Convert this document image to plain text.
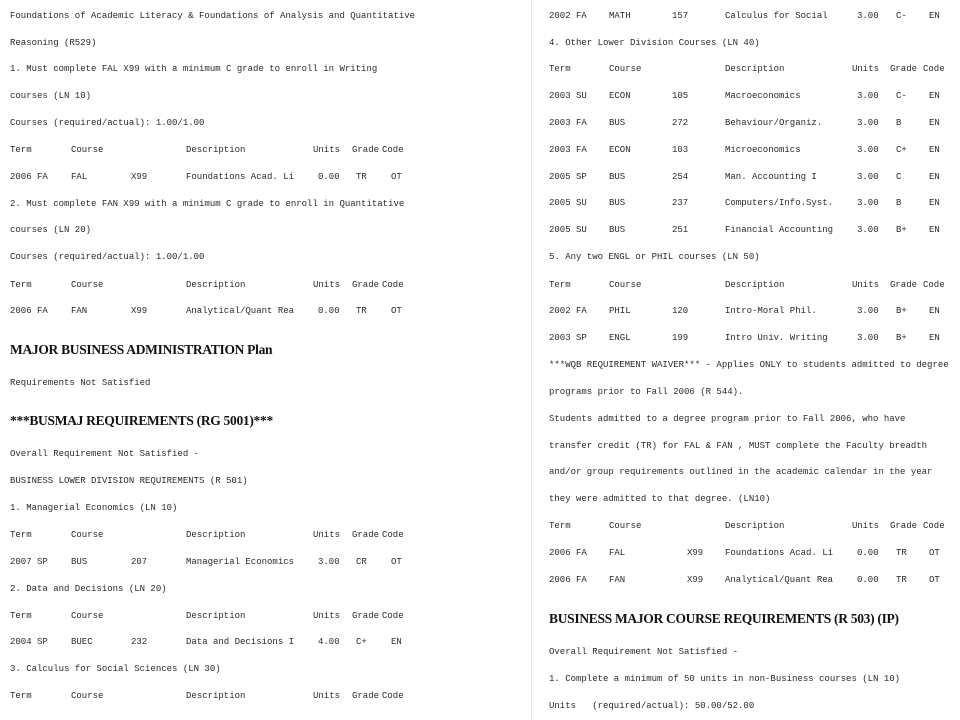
Foundations of Academic Literacy & Foundations of Analysis and Quantitative
Reasoning (R529)
1. Must complete FAL X99 with a minimum C grade to enroll in Writing
courses (LN 10)
Courses (required/actual): 1.00/1.00
Term	Course	Description	Units Grade Code
2006 FA	FAL	X99	Foundations Acad. Li	0.00 TR	OT
2. Must complete FAN X99 with a minimum C grade to enroll in Quantitative
courses (LN 20)
Courses (required/actual): 1.00/1.00
Term	Course	Description	Units Grade Code
2006 FA	FAN	X99	Analytical/Quant Rea	0.00 TR	OT
MAJOR BUSINESS ADMINISTRATION Plan
Requirements Not Satisfied
***BUSMAJ REQUIREMENTS (RG 5001)***
Overall Requirement Not Satisfied -
BUSINESS LOWER DIVISION REQUIREMENTS (R 501)
1. Managerial Economics (LN 10)
Term	Course	Description	Units Grade Code
2007 SP	BUS	207	Managerial Economics	3.00 CR	OT
2. Data and Decisions (LN 20)
Term	Course	Description	Units Grade Code
2004 SP	BUEC	232	Data and Decisions I	4.00 C+	EN
3. Calculus for Social Sciences (LN 30)
Term	Course	Description	Units Grade Code
2002 FA MATH	157	Calculus for Social	3.00 C- EN
4. Other Lower Division Courses (LN 40)
Term	Course	Description	Units Grade Code
2003 SU ECON	105	Macroeconomics	3.00 C- EN
2003 FA BUS	272	Behaviour/Organiz.	3.00 B	EN
2003 FA ECON	103	Microeconomics	3.00 C+ EN
2005 SP BUS	254	Man. Accounting I	3.00 C	EN
2005 SU BUS	237	Computers/Info.Syst.	3.00 B	EN
2005 SU BUS	251	Financial Accounting	3.00 B+ EN
5. Any two ENGL or PHIL courses (LN 50)
Term	Course	Description	Units Grade Code
2002 FA PHIL	120	Intro-Moral Phil.	3.00 B+ EN
2003 SP ENGL	199	Intro Univ. Writing	3.00 B+ EN
***WQB REQUIREMENT WAIVER*** - Applies ONLY to students admitted to degree
programs prior to Fall 2006 (R 544).
Students admitted to a degree program prior to Fall 2006, who have
transfer credit (TR) for FAL & FAN , MUST complete the Faculty breadth
and/or group requirements outlined in the academic calendar in the year
they were admitted to that degree. (LN10)
Term	Course	Description	Units Grade Code
2006 FA FAL	X99 Foundations Acad. Li	0.00 TR OT
2006 FA FAN	X99 Analytical/Quant Rea	0.00 TR OT
BUSINESS MAJOR COURSE REQUIREMENTS (R 503) (IP)
Overall Requirement Not Satisfied -
1. Complete a minimum of 50 units in non-Business courses (LN 10)
Units   (required/actual): 50.00/52.00
